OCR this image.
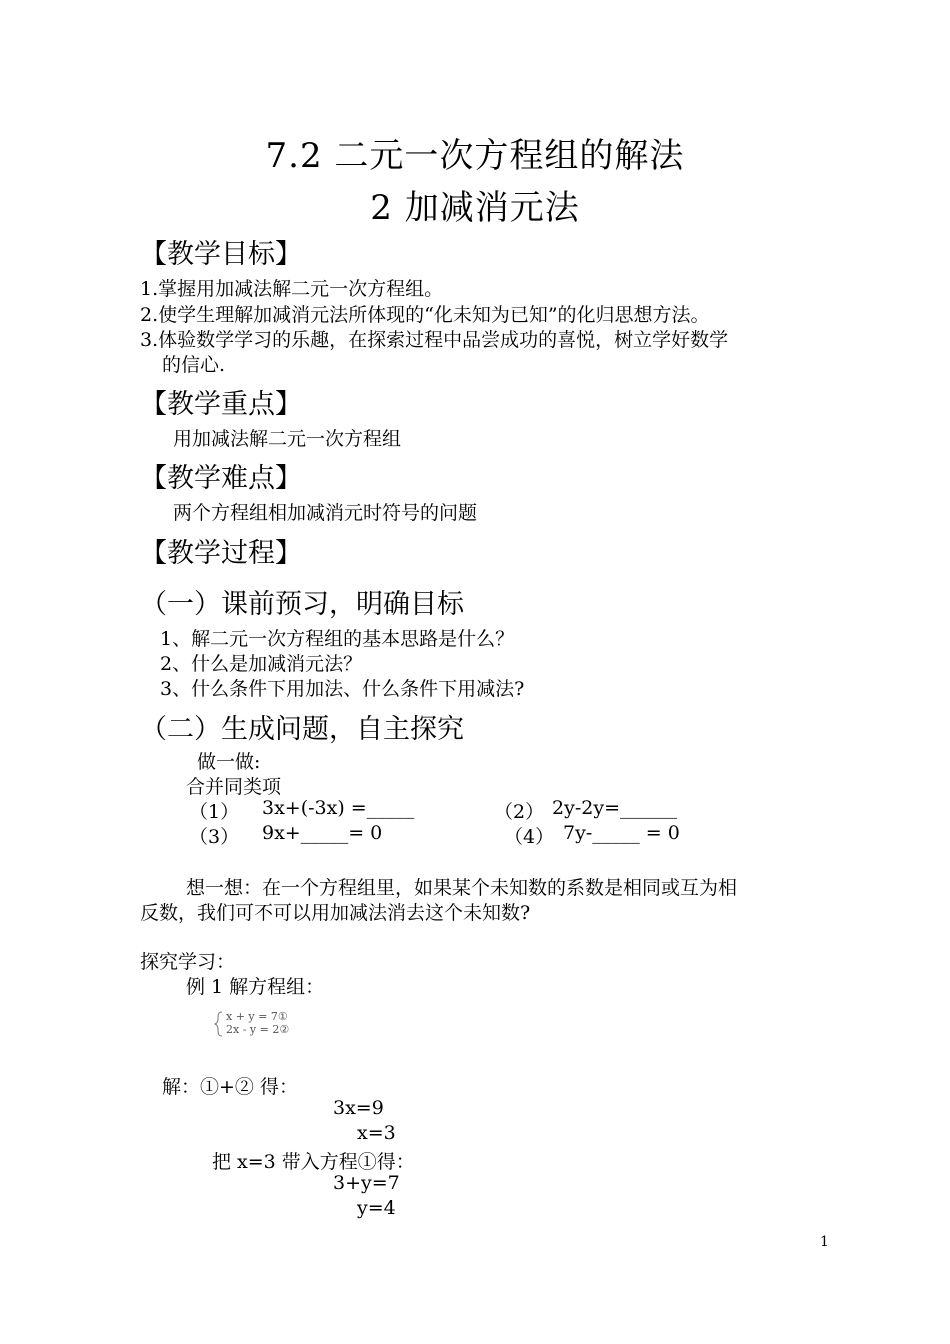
7.2 二元一次方程组的解法
2 加减消元法
【教学目标】
1.掌握用加减法解二元一次方程组。
2.使学生理解加减消元法所体现的“化未知为已知”的化归思想方法。
3.体验数学学习的乐趣，在探索过程中品尝成功的喜悦，树立学好数学
的信心.
【教学重点】
用加减法解二元一次方程组
【教学难点】
两个方程组相加减消元时符号的问题
【教学过程】
（一）课前预习，明确目标
1、解二元一次方程组的基本思路是什么？
2、什么是加减消元法？
3、什么条件下用加法、什么条件下用减法?
（二）生成问题，自主探究
做一做:
合并同类项
（1） 3x+(-3x) =_____	（2） 2y-2y=______
（3） 9x+_____= 0	（4） 7y-_____ = 0
想一想：在一个方程组里，如果某个未知数的系数是相同或互为相
反数，我们可不可以用加减法消去这个未知数?
探究学习：
例 1 解方程组：
x + y = 7①
2x - y = 2②
解：①+② 得：
3x=9
x=3
把 x=3 带入方程①得：
3+y=7
y=4
1
